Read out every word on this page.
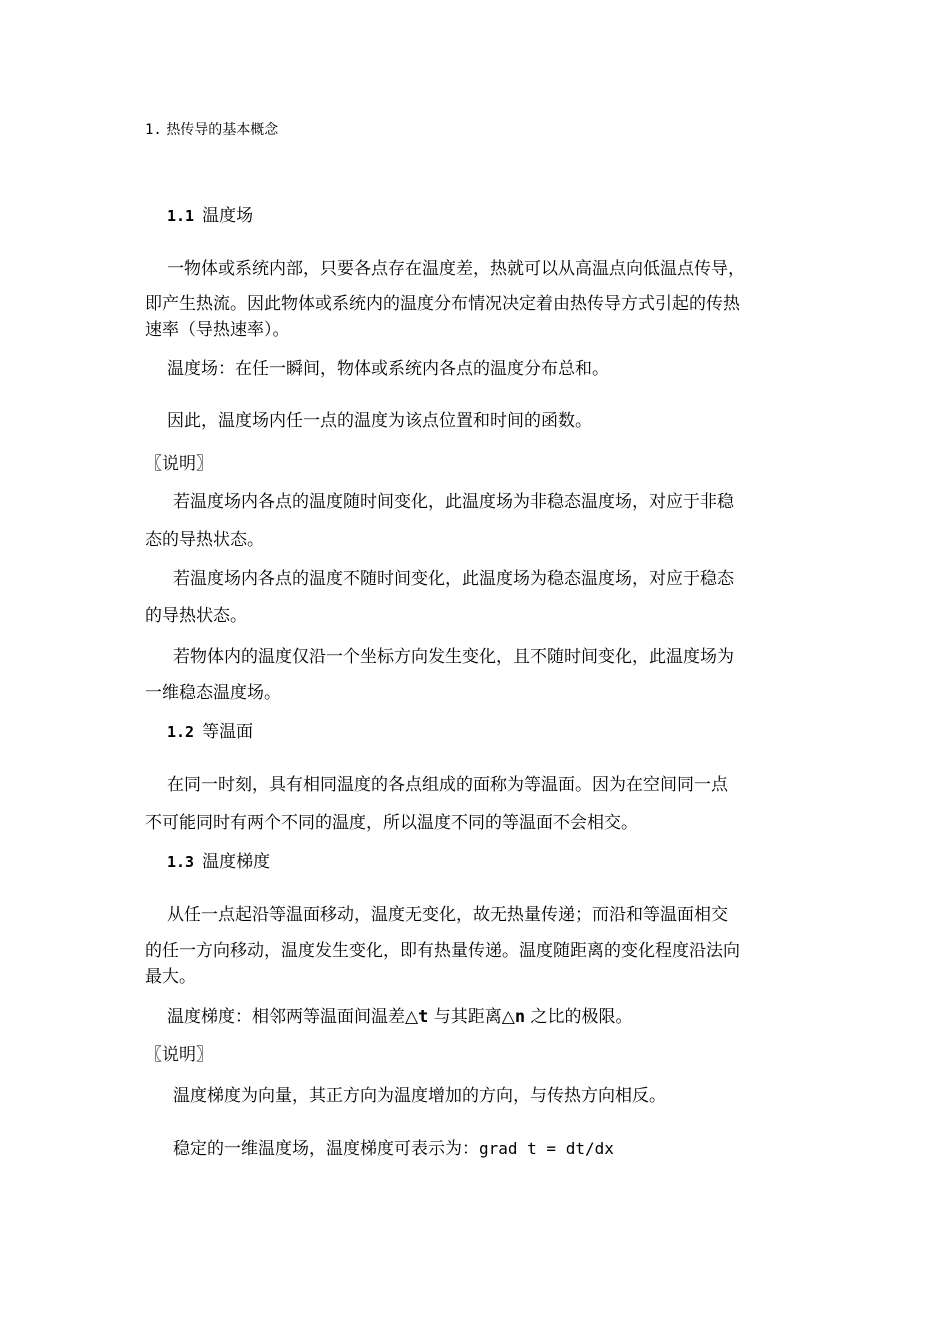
1. 热传导的基本概念
1.1 温度场
一物体或系统内部，只要各点存在温度差，热就可以从高温点向低温点传导，
即产生热流。因此物体或系统内的温度分布情况决定着由热传导方式引起的传热
速率（导热速率）。
温度场：在任一瞬间，物体或系统内各点的温度分布总和。
因此，温度场内任一点的温度为该点位置和时间的函数。
〖说明〗
若温度场内各点的温度随时间变化，此温度场为非稳态温度场，对应于非稳
态的导热状态。
若温度场内各点的温度不随时间变化，此温度场为稳态温度场，对应于稳态
的导热状态。
若物体内的温度仅沿一个坐标方向发生变化，且不随时间变化，此温度场为
一维稳态温度场。
1.2 等温面
在同一时刻，具有相同温度的各点组成的面称为等温面。因为在空间同一点
不可能同时有两个不同的温度，所以温度不同的等温面不会相交。
1.3 温度梯度
从任一点起沿等温面移动，温度无变化，故无热量传递；而沿和等温面相交
的任一方向移动，温度发生变化，即有热量传递。温度随距离的变化程度沿法向
最大。
温度梯度：相邻两等温面间温差△t 与其距离△n 之比的极限。
〖说明〗
温度梯度为向量，其正方向为温度增加的方向，与传热方向相反。
稳定的一维温度场，温度梯度可表示为：grad t = dt/dx
